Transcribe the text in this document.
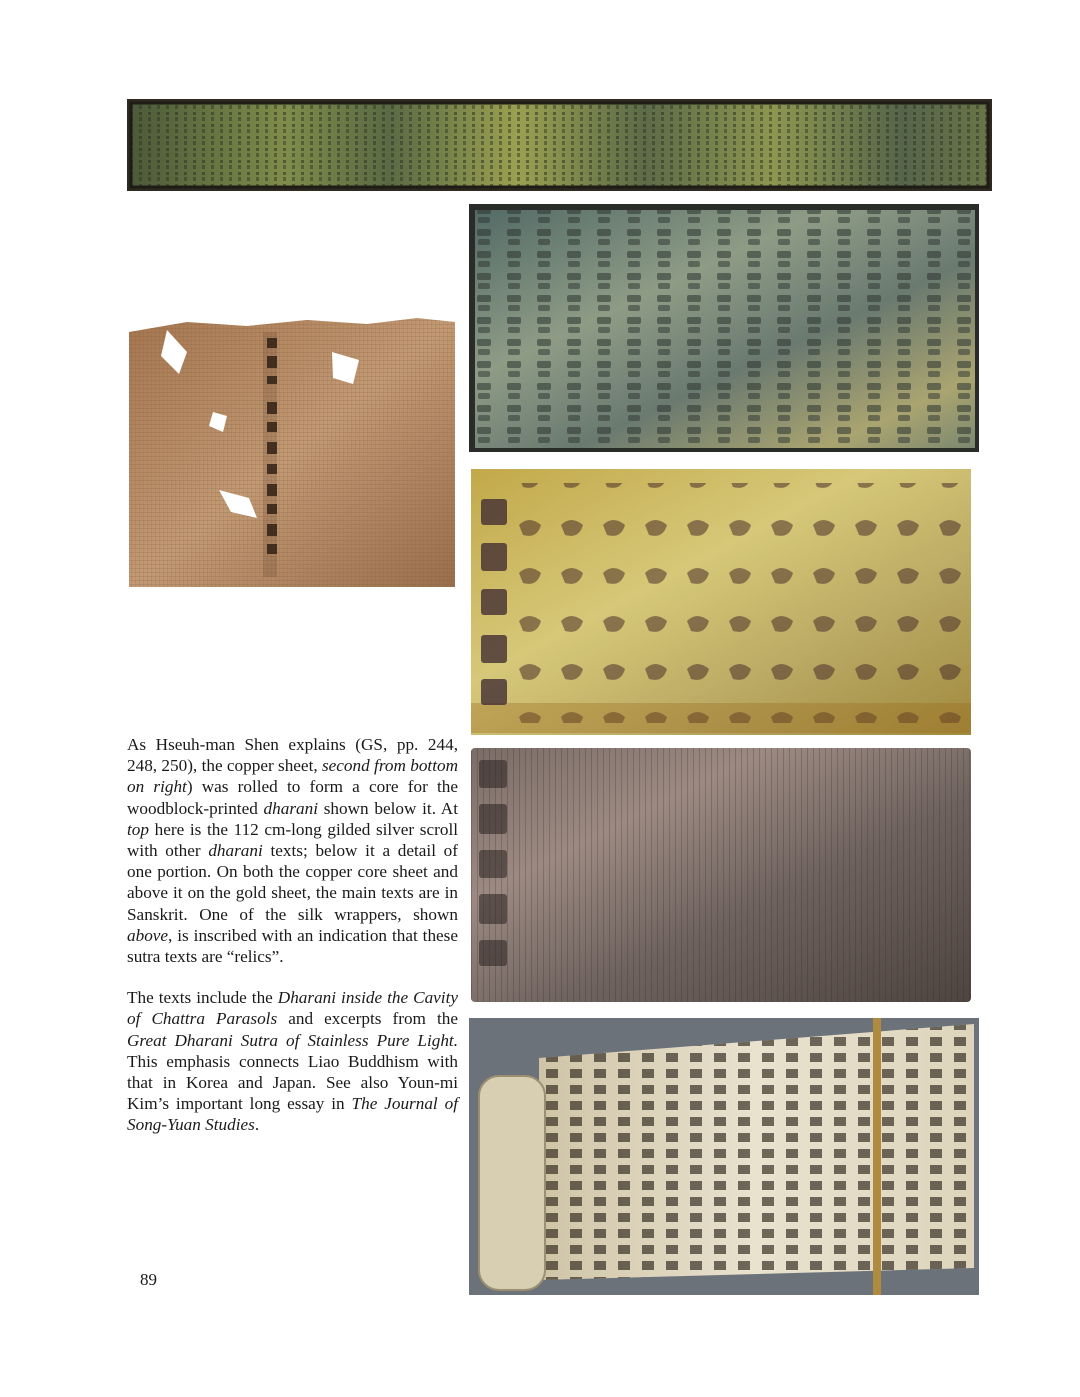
As Hseuh-man Shen explains (GS, pp. 244, 248, 250), the copper sheet, second from bottom on right) was rolled to form a core for the woodblock-printed dharani shown below it. At top here is the 112 cm-long gilded silver scroll with other dharani texts; below it a detail of one portion. On both the copper core sheet and above it on the gold sheet, the main texts are in Sanskrit. One of the silk wrappers, shown above, is inscribed with an indication that these sutra texts are “relics”.

The texts include the Dharani inside the Cavity of Chattra Parasols and excerpts from the Great Dharani Sutra of Stainless Pure Light. This emphasis connects Liao Buddhism with that in Korea and Japan. See also Youn-mi Kim’s important long essay in The Journal of Song-Yuan Studies.

89
